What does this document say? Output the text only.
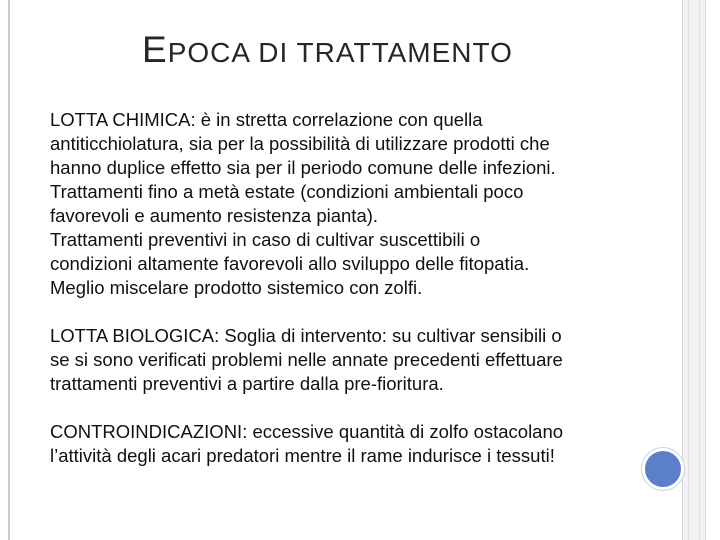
EPOCA DI TRATTAMENTO

LOTTA CHIMICA: è in stretta correlazione con quella

antiticchiolatura, sia per la possibilità di utilizzare prodotti che

hanno duplice effetto sia per il periodo comune delle infezioni.

Trattamenti fino a metà estate (condizioni ambientali poco

favorevoli e aumento resistenza pianta).

Trattamenti preventivi in caso di cultivar suscettibili o

condizioni altamente favorevoli allo sviluppo delle fitopatia.

Meglio miscelare prodotto sistemico con zolfi.

LOTTA BIOLOGICA: Soglia di intervento: su cultivar sensibili o

se si sono verificati problemi nelle annate precedenti effettuare

trattamenti preventivi a partire dalla pre-fioritura.

CONTROINDICAZIONI: eccessive quantità di zolfo ostacolano

l’attività degli acari predatori mentre il rame indurisce i tessuti!
